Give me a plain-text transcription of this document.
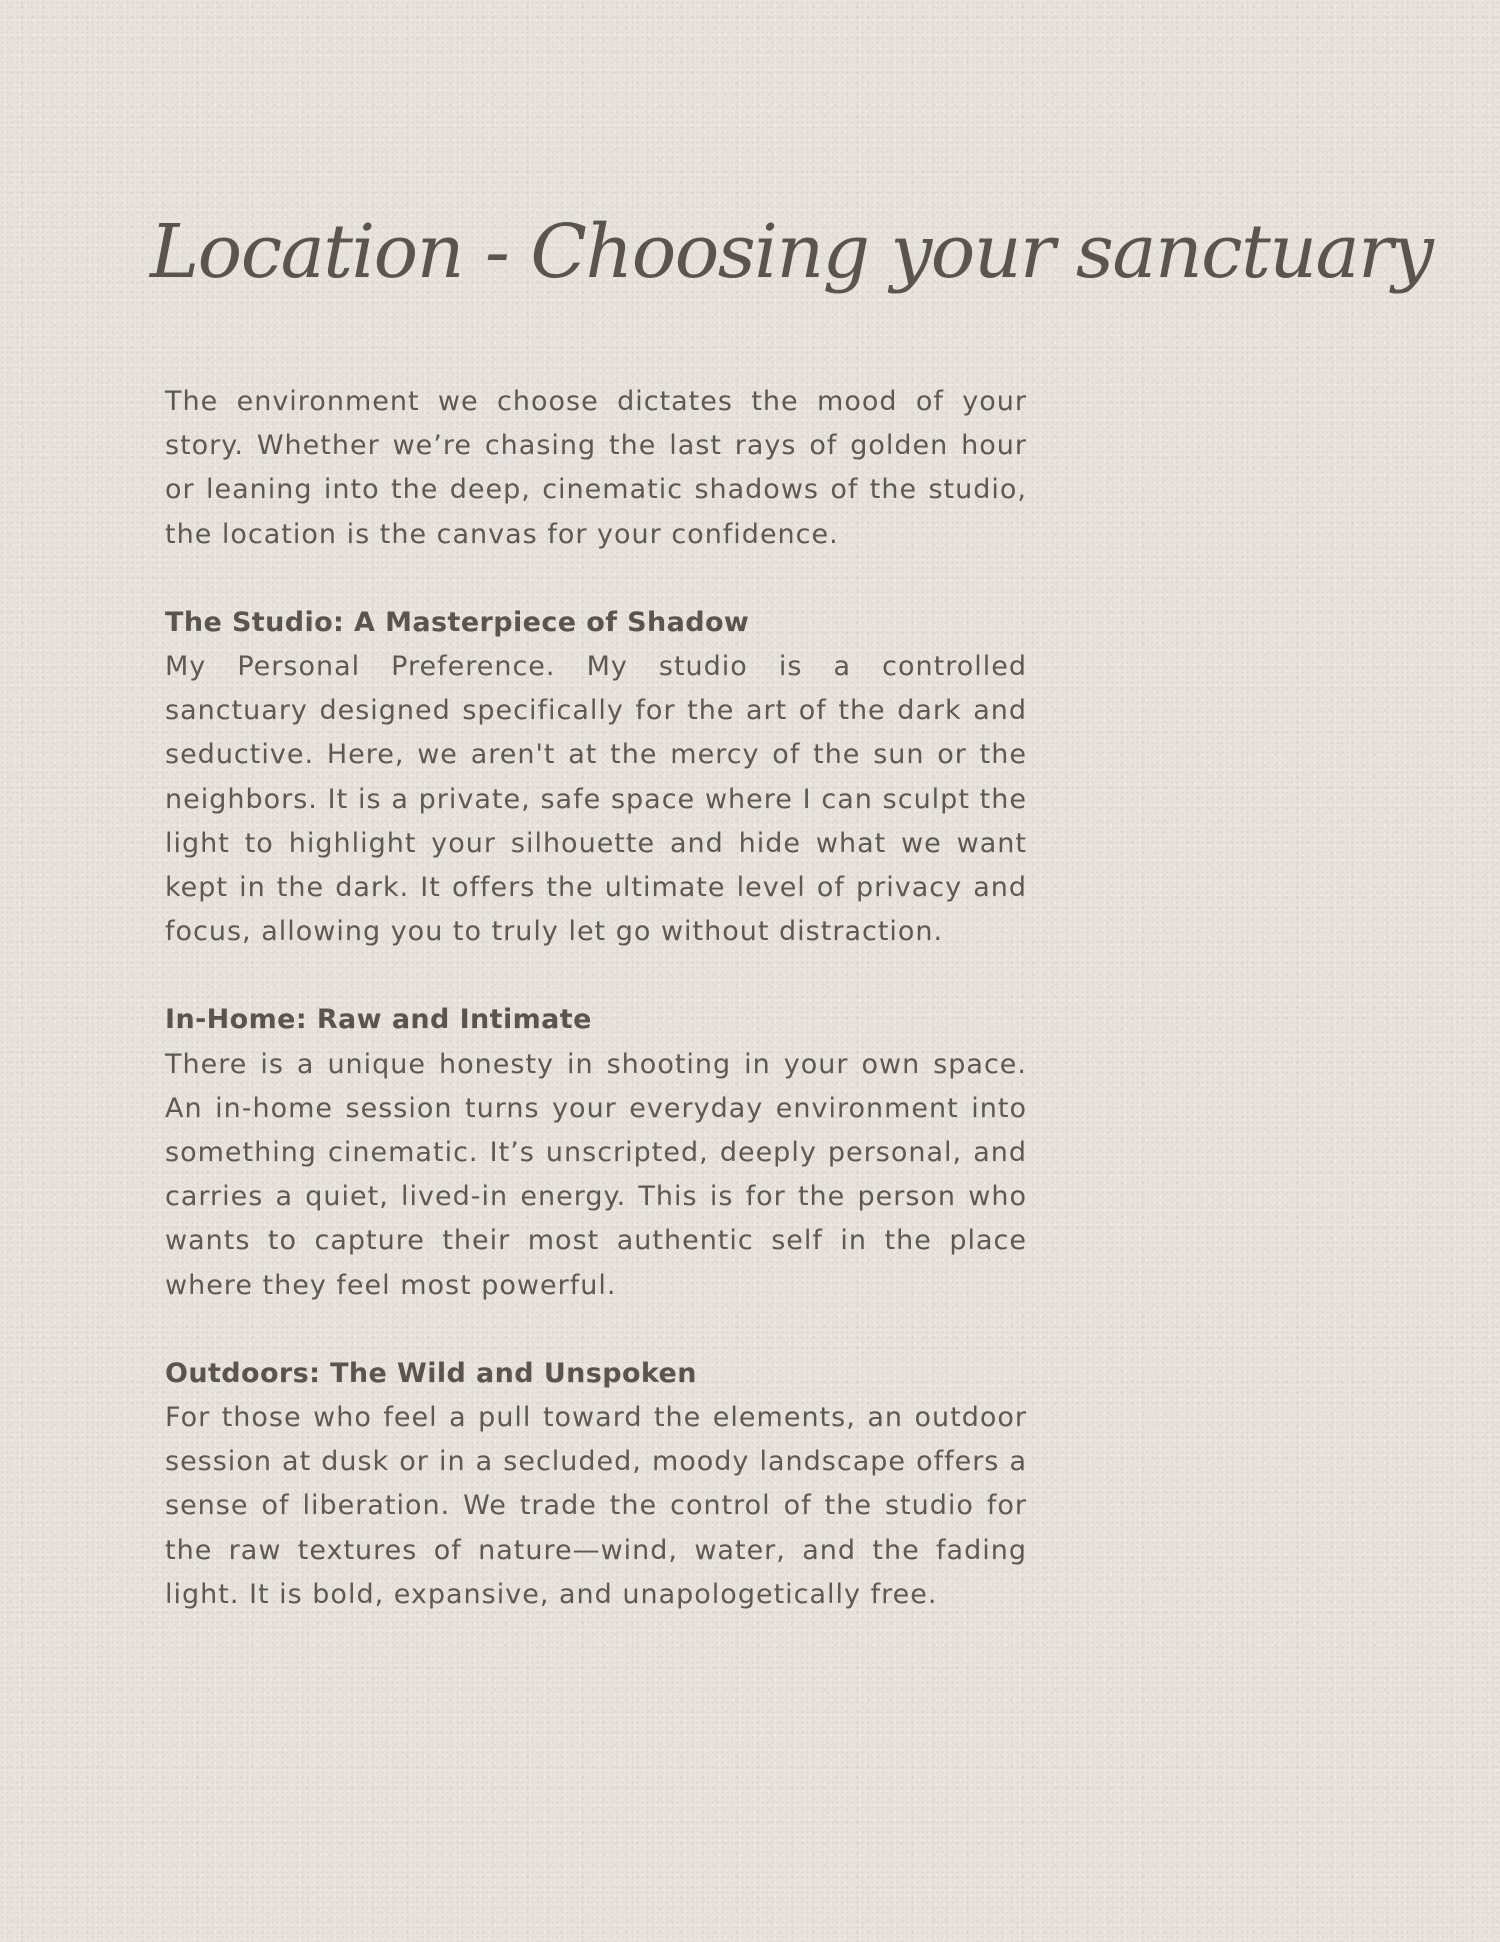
Location - Choosing your sanctuary

The environment we choose dictates the mood of your story. Whether we’re chasing the last rays of golden hour or leaning into the deep, cinematic shadows of the studio, the location is the canvas for your confidence.

The Studio: A Masterpiece of Shadow

My Personal Preference. My studio is a controlled sanctuary designed specifically for the art of the dark and seductive. Here, we aren't at the mercy of the sun or the neighbors. It is a private, safe space where I can sculpt the light to highlight your silhouette and hide what we want kept in the dark. It offers the ultimate level of privacy and focus, allowing you to truly let go without distraction.

In-Home: Raw and Intimate

There is a unique honesty in shooting in your own space. An in-home session turns your everyday environment into something cinematic. It’s unscripted, deeply personal, and carries a quiet, lived-in energy. This is for the person who wants to capture their most authentic self in the place where they feel most powerful.

Outdoors: The Wild and Unspoken

For those who feel a pull toward the elements, an outdoor session at dusk or in a secluded, moody landscape offers a sense of liberation. We trade the control of the studio for the raw textures of nature—wind, water, and the fading light. It is bold, expansive, and unapologetically free.
